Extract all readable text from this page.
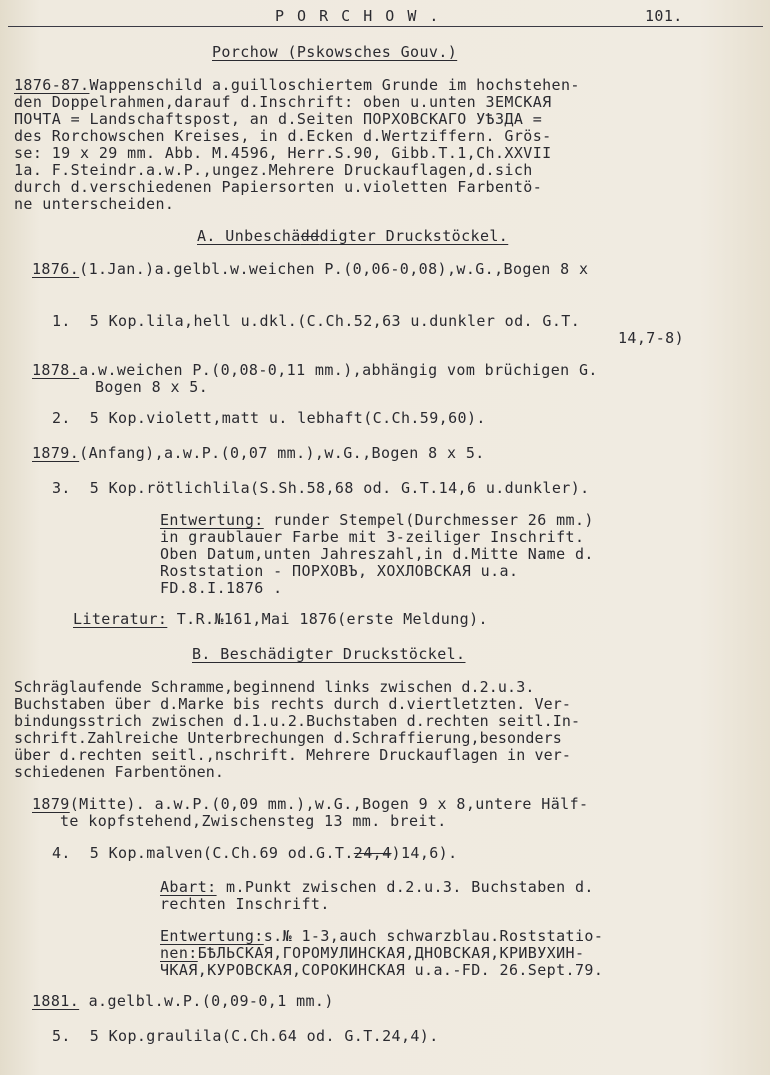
P O R C H O W .	101.
Porchow (Pskowsches Gouv.)
1876-87.Wappenschild a.guilloschiertem Grunde im hochstehen-
den Doppelrahmen,darauf d.Inschrift: oben u.unten ЗЕМСКАЯ
ПОЧТА = Landschaftspost, an d.Seiten ПОРХОВСКАГО УѢЗДА =
des Rorchowschen Kreises, in d.Ecken d.Wertziffern. Grös-
se: 19 x 29 mm. Abb. M.4596, Herr.S.90, Gibb.T.1,Ch.XXVII
1a. F.Steindr.a.w.P.,ungez.Mehrere Druckauflagen,d.sich
durch d.verschiedenen Papiersorten u.violetten Farbentö-
ne unterscheiden.
A. Unbeschädddigter Druckstöckel.
1876.(1.Jan.)a.gelbl.w.weichen P.(0,06-0,08),w.G.,Bogen 8 x
1.  5 Kop.lila,hell u.dkl.(C.Ch.52,63 u.dunkler od. G.T.
14,7-8)
1878.a.w.weichen P.(0,08-0,11 mm.),abhängig vom brüchigen G.
Bogen 8 x 5.
2.  5 Kop.violett,matt u. lebhaft(C.Ch.59,60).
1879.(Anfang),a.w.P.(0,07 mm.),w.G.,Bogen 8 x 5.
3.  5 Kop.rötlichlila(S.Sh.58,68 od. G.T.14,6 u.dunkler).
Entwertung: runder Stempel(Durchmesser 26 mm.)
in graublauer Farbe mit 3-zeiliger Inschrift.
Oben Datum,unten Jahreszahl,in d.Mitte Name d.
Roststation - ПОРХОВЪ, ХОХЛОВСКАЯ u.a.
FD.8.I.1876 .
Literatur: T.R.№161,Mai 1876(erste Meldung).
B. Beschädigter Druckstöckel.
Schräglaufende Schramme,beginnend links zwischen d.2.u.3.
Buchstaben über d.Marke bis rechts durch d.viertletzten. Ver-
bindungsstrich zwischen d.1.u.2.Buchstaben d.rechten seitl.In-
schrift.Zahlreiche Unterbrechungen d.Schraffierung,besonders
über d.rechten seitl.,nschrift. Mehrere Druckauflagen in ver-
schiedenen Farbentönen.
1879(Mitte). a.w.P.(0,09 mm.),w.G.,Bogen 9 x 8,untere Hälf-
te kopfstehend,Zwischensteg 13 mm. breit.
4.  5 Kop.malven(C.Ch.69 od.G.T.24,4)14,6).
Abart: m.Punkt zwischen d.2.u.3. Buchstaben d.
rechten Inschrift.
Entwertung:s.№ 1-3,auch schwarzblau.Roststatio-
nen:БѢЛЬСКАЯ,ГОРОМУЛИНСКАЯ,ДНОВСКАЯ,КРИВУХИН-
ЧКАЯ,КУРОВСКАЯ,СОРОКИНСКАЯ u.a.-FD. 26.Sept.79.
1881. a.gelbl.w.P.(0,09-0,1 mm.)
5.  5 Kop.graulila(C.Ch.64 od. G.T.24,4).
